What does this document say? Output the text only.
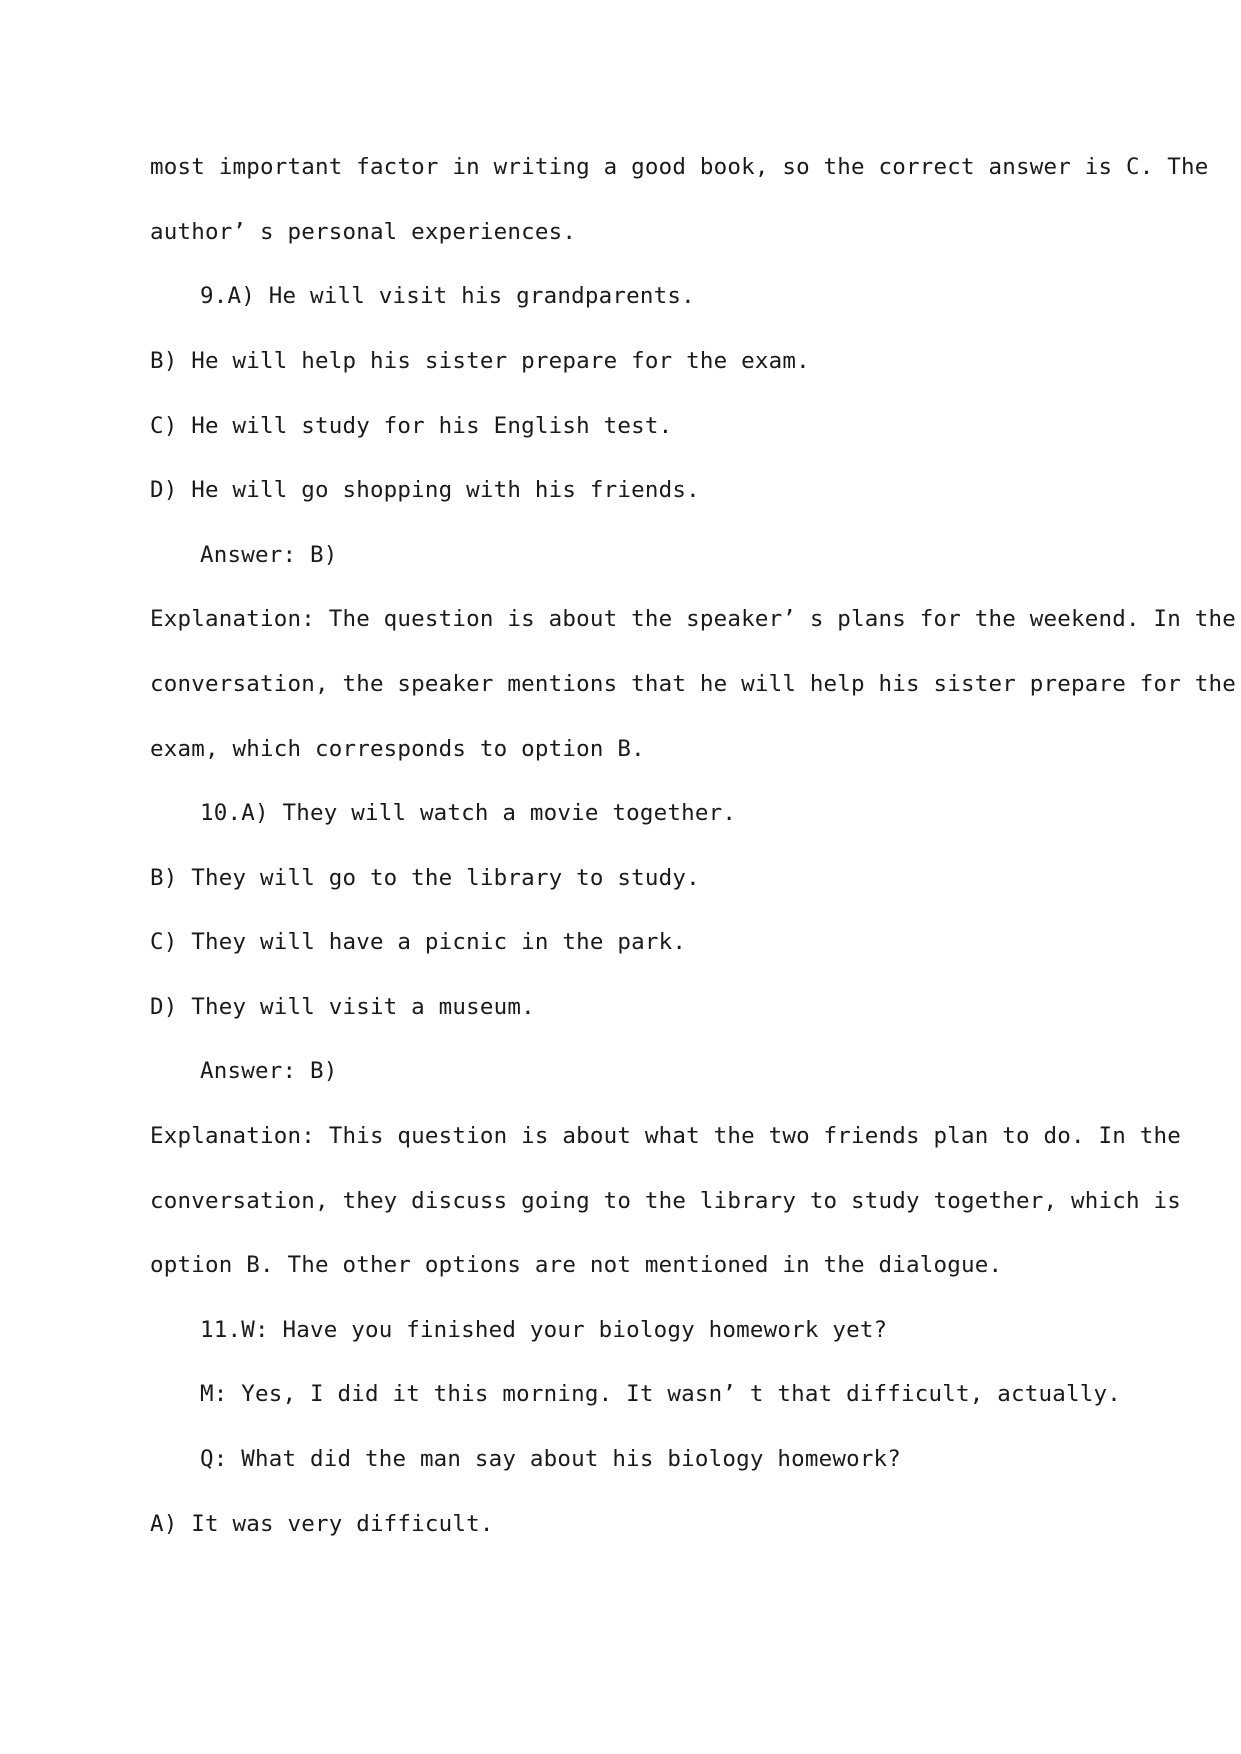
most important factor in writing a good book, so the correct answer is C. The
author’ s personal experiences.
9.A) He will visit his grandparents.
B) He will help his sister prepare for the exam.
C) He will study for his English test.
D) He will go shopping with his friends.
Answer: B)
Explanation: The question is about the speaker’ s plans for the weekend. In the
conversation, the speaker mentions that he will help his sister prepare for the
exam, which corresponds to option B.
10.A) They will watch a movie together.
B) They will go to the library to study.
C) They will have a picnic in the park.
D) They will visit a museum.
Answer: B)
Explanation: This question is about what the two friends plan to do. In the
conversation, they discuss going to the library to study together, which is
option B. The other options are not mentioned in the dialogue.
11.W: Have you finished your biology homework yet?
M: Yes, I did it this morning. It wasn’ t that difficult, actually.
Q: What did the man say about his biology homework?
A) It was very difficult.
